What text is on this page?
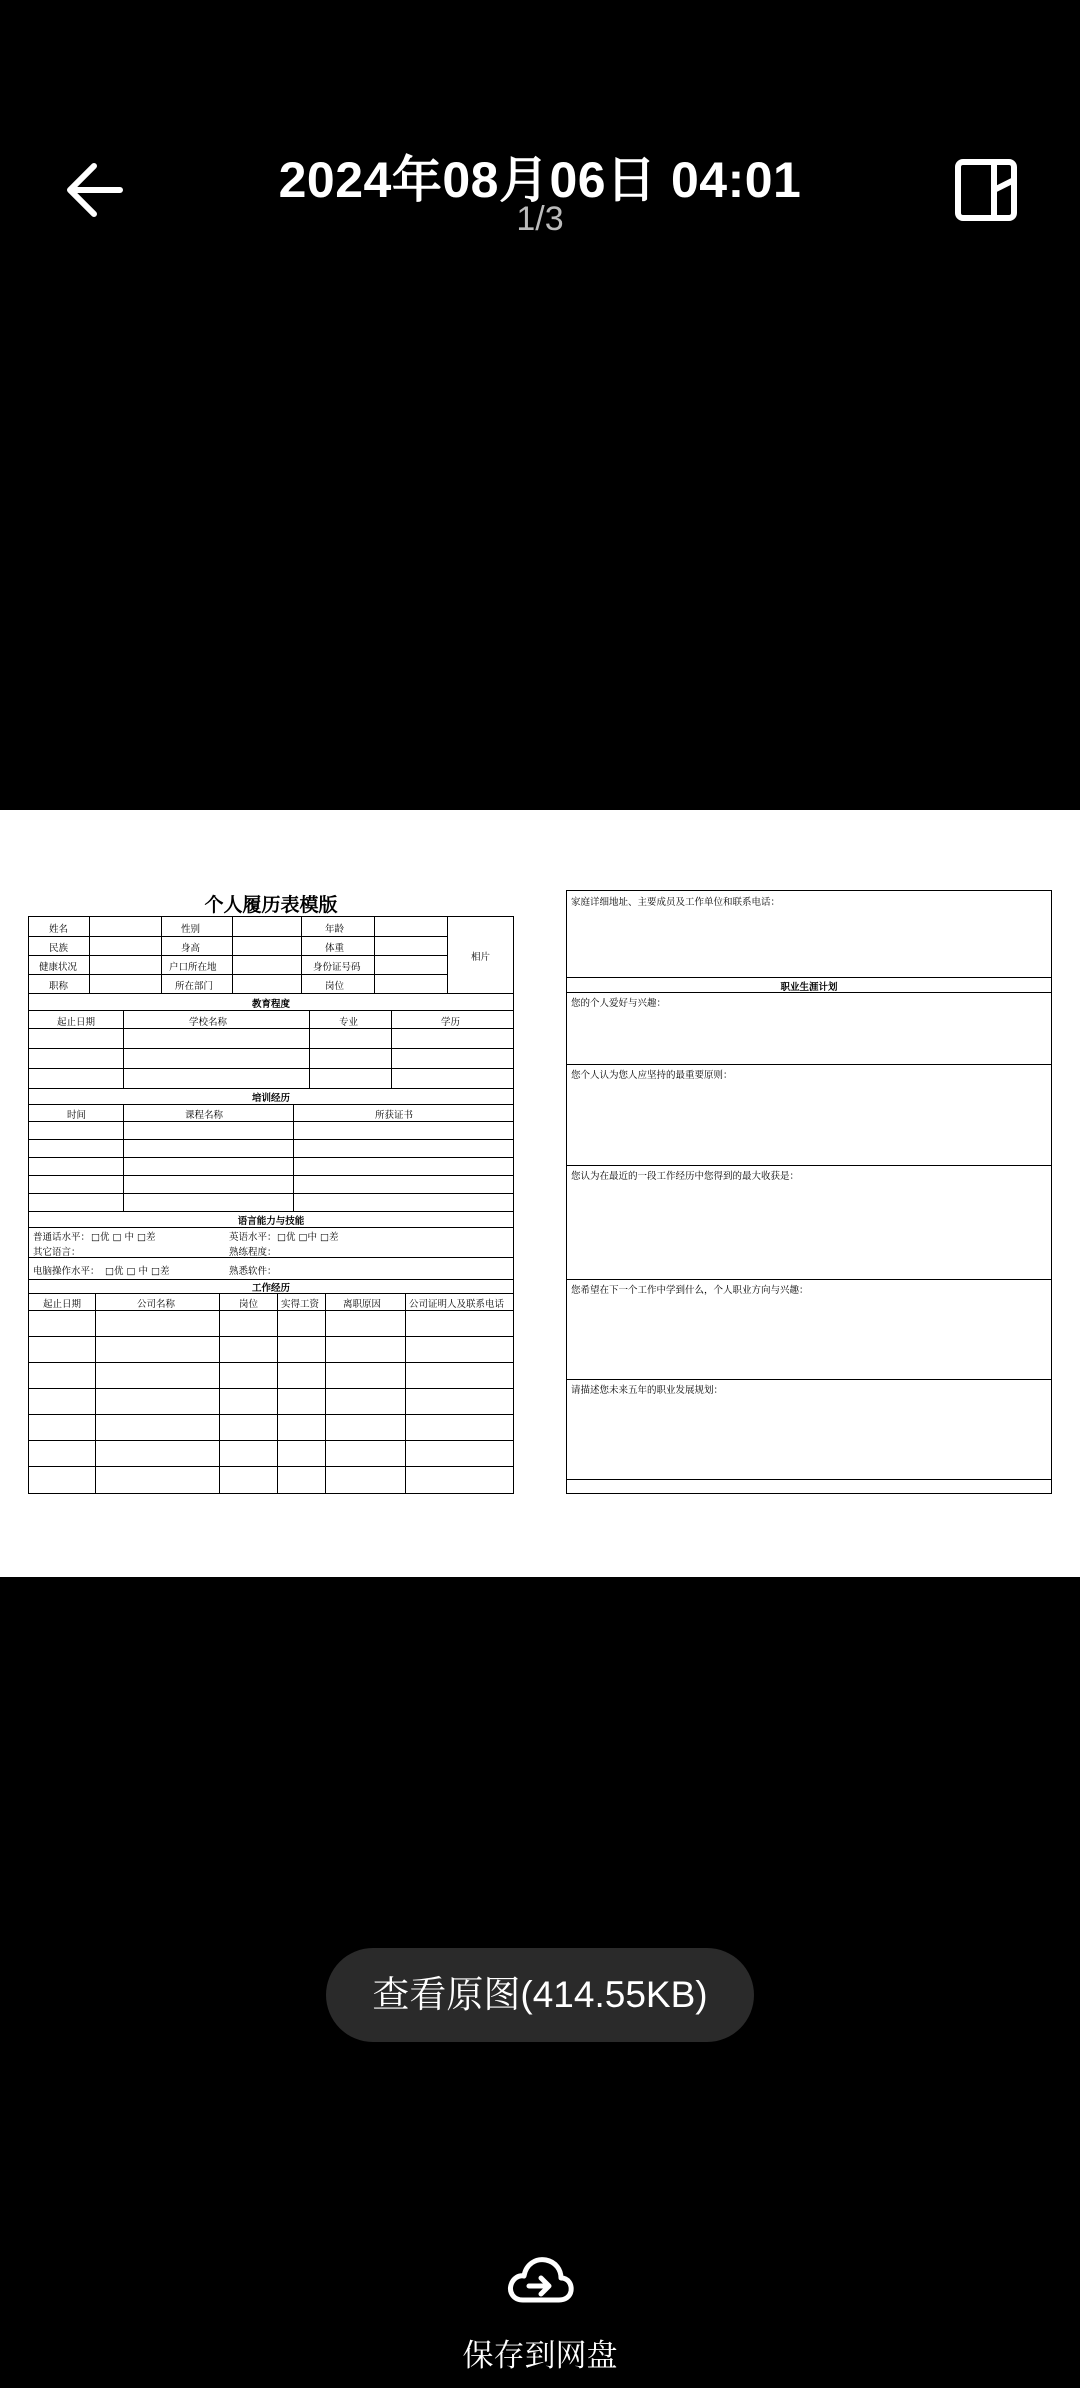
2024年08月06日 04:01
1/3
个人履历表模版
姓名	性别	年龄
民族	身高	体重
健康状况	户口所在地	身份证号码
职称	所在部门	岗位
相片
教育程度
起止日期	学校名称	专业	学历
培训经历
时间	课程名称	所获证书
语言能力与技能
普通话水平： □优 □ 中 □差	英语水平： □优 □中 □差
其它语言：	熟练程度：
电脑操作水平： □优 □ 中 □差	熟悉软件：
工作经历
起止日期	公司名称	岗位 实得工资	离职原因	公司证明人及联系电话
家庭详细地址、主要成员及工作单位和联系电话：
职业生涯计划
您的个人爱好与兴趣：
您个人认为您人应坚持的最重要原则：
您认为在最近的一段工作经历中您得到的最大收获是：
您希望在下一个工作中学到什么，个人职业方向与兴趣：
请描述您未来五年的职业发展规划：
查看原图(414.55KB)
保存到网盘
